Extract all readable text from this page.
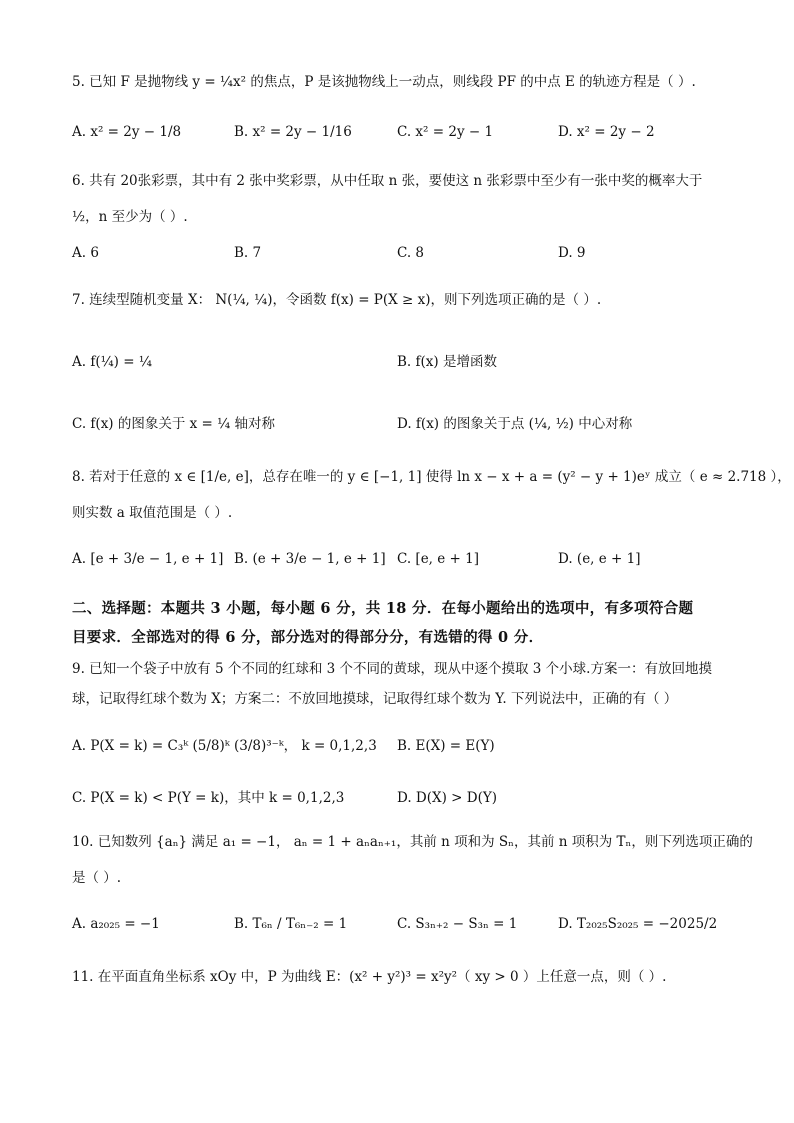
5. 已知 F 是抛物线 y = ¼x² 的焦点，P 是该抛物线上一动点，则线段 PF 的中点 E 的轨迹方程是（ ）.
A. x² = 2y − 1/8	B. x² = 2y − 1/16	C. x² = 2y − 1	D. x² = 2y − 2
6. 共有 20张彩票，其中有 2 张中奖彩票，从中任取 n 张，要使这 n 张彩票中至少有一张中奖的概率大于
½，n 至少为（ ）.
A. 6	B. 7	C. 8	D. 9
7. 连续型随机变量 X： N(¼, ¼)，令函数 f(x) = P(X ≥ x)，则下列选项正确的是（ ）.
A. f(¼) = ¼	B. f(x) 是增函数
C. f(x) 的图象关于 x = ¼ 轴对称	D. f(x) 的图象关于点 (¼, ½) 中心对称
8. 若对于任意的 x ∈ [1/e, e]，总存在唯一的 y ∈ [−1, 1] 使得 ln x − x + a = (y² − y + 1)eʸ 成立（ e ≈ 2.718 ），
则实数 a 取值范围是（ ）.
A. [e + 3/e − 1, e + 1] B. (e + 3/e − 1, e + 1] C. [e, e + 1]	D. (e, e + 1]
二、选择题：本题共 3 小题，每小题 6 分，共 18 分．在每小题给出的选项中，有多项符合题
目要求．全部选对的得 6 分，部分选对的得部分分，有选错的得 0 分．
9. 已知一个袋子中放有 5 个不同的红球和 3 个不同的黄球，现从中逐个摸取 3 个小球.方案一：有放回地摸
球，记取得红球个数为 X；方案二：不放回地摸球，记取得红球个数为 Y. 下列说法中，正确的有（ ）
A. P(X = k) = C₃ᵏ (5/8)ᵏ (3/8)³⁻ᵏ， k = 0,1,2,3 B. E(X) = E(Y)
C. P(X = k) < P(Y = k)，其中 k = 0,1,2,3	D. D(X) > D(Y)
10. 已知数列 {aₙ} 满足 a₁ = −1， aₙ = 1 + aₙaₙ₊₁，其前 n 项和为 Sₙ，其前 n 项积为 Tₙ，则下列选项正确的
是（ ）.
A. a₂₀₂₅ = −1	B. T₆ₙ / T₆ₙ₋₂ = 1	C. S₃ₙ₊₂ − S₃ₙ = 1	D. T₂₀₂₅S₂₀₂₅ = −2025/2
11. 在平面直角坐标系 xOy 中，P 为曲线 E：(x² + y²)³ = x²y²（ xy > 0 ）上任意一点，则（ ）.
